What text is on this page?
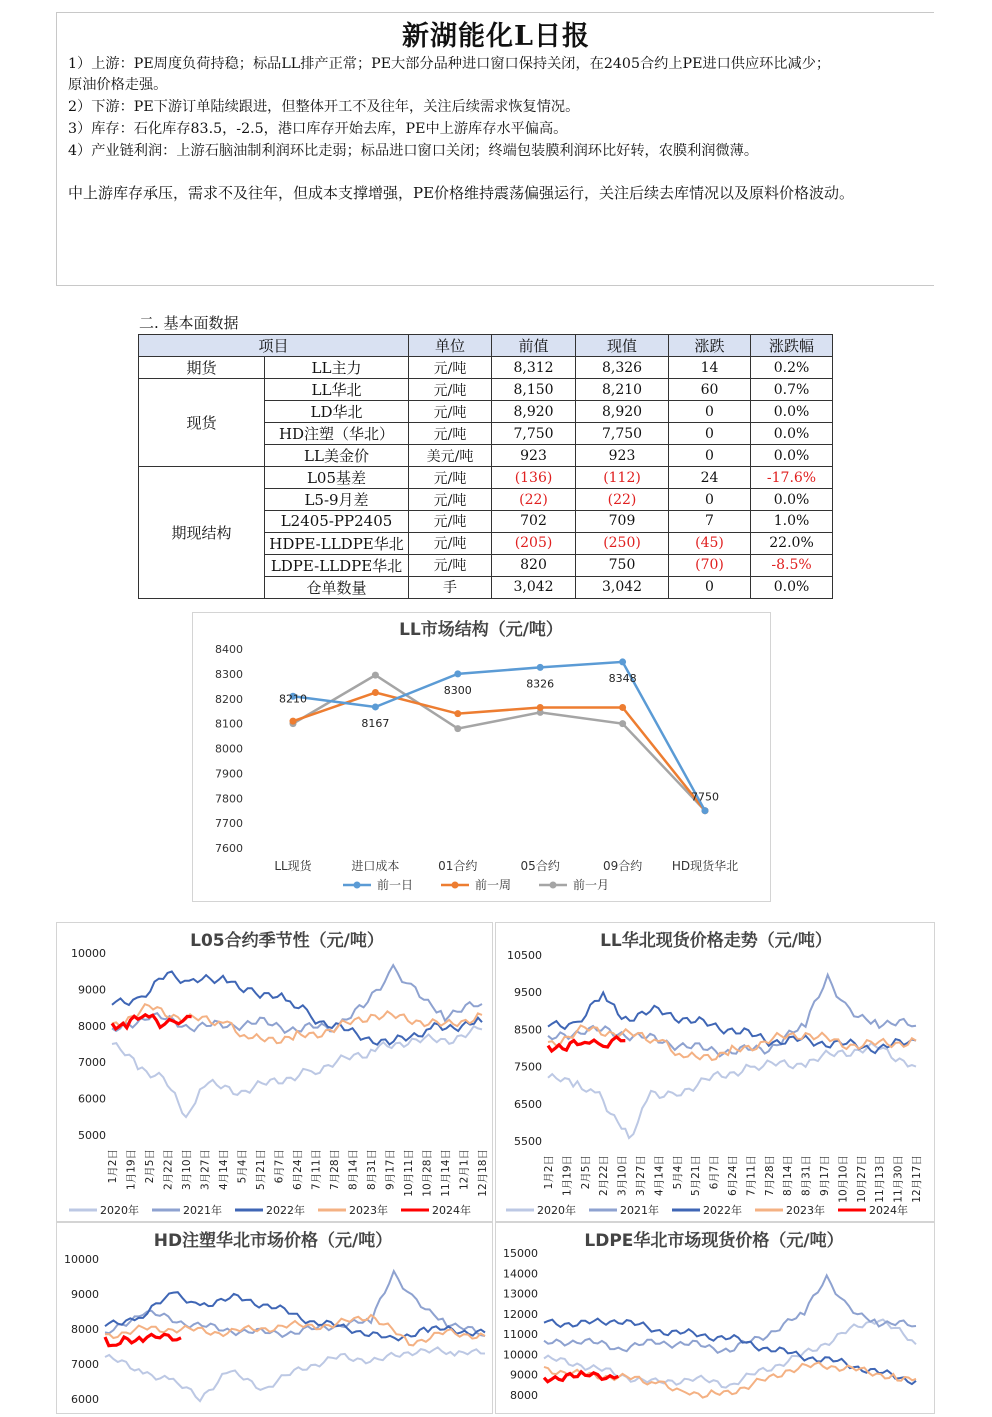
新湖能化L日报
1）上游：PE周度负荷持稳；标品LL排产正常；PE大部分品种进口窗口保持关闭，在2405合约上PE进口供应环比减少；
原油价格走强。
2）下游：PE下游订单陆续跟进，但整体开工不及往年，关注后续需求恢复情况。
3）库存：石化库存83.5，-2.5，港口库存开始去库，PE中上游库存水平偏高。
4）产业链利润：上游石脑油制利润环比走弱；标品进口窗口关闭；终端包装膜利润环比好转，农膜利润微薄。
中上游库存承压，需求不及往年，但成本支撑增强，PE价格维持震荡偏强运行，关注后续去库情况以及原料价格波动。
二. 基本面数据
项目		单位	前值	现值	涨跌	涨跌幅
期货	LL主力	元/吨	8,312	8,326	14	0.2%
现货	LL华北	元/吨	8,150	8,210	60	0.7%
	LD华北	元/吨	8,920	8,920	0	0.0%
	HD注塑（华北）	元/吨	7,750	7,750	0	0.0%
	LL美金价	美元/吨	923	923	0	0.0%
期现结构	L05基差	元/吨	(136)	(112)	24	-17.6%
	L5-9月差	元/吨	(22)	(22)	0	0.0%
	L2405-PP2405	元/吨	702	709	7	1.0%
	HDPE-LLDPE华北	元/吨	(205)	(250)	(45)	22.0%
	LDPE-LLDPE华北	元/吨	820	750	(70)	-8.5%
	仓单数量	手	3,042	3,042	0	0.0%
LL市场结构（元/吨）
7600
7700
7800
7900
8000
8100
8200
8300
8400
LL现货	进口成本	01合约	05合约	09合约 HD现货华北
8210
8167
8300	8326	8348
7750
前一日	前一周	前一月
L05合约季节性（元/吨）
10000
9000
8000
7000
6000
5000
1月2日 1月19日 2月5日 2月22日 3月10日 3月27日 4月14日 5月4日 5月21日 6月7日 6月24日 7月11日 7月28日 8月14日 8月31日 9月17日 10月11日 10月28日 11月14日 12月1日 12月18日
2020年	2021年	2022年	2023年	2024年
LL华北现货价格走势（元/吨）
10500
9500
8500
7500
6500
5500
1月2日 1月19日 2月5日 2月22日 3月10日 3月27日 4月14日 5月4日 5月21日 6月7日 6月24日 7月11日 7月28日 8月14日 8月31日 9月17日 10月10日 10月27日 11月13日 11月30日 12月17日
2020年	2021年	2022年	2023年	2024年
HD注塑华北市场价格（元/吨）
10000
9000
8000
7000
6000
LDPE华北市场现货价格（元/吨）
15000
14000
13000
12000
11000
10000
9000
8000
